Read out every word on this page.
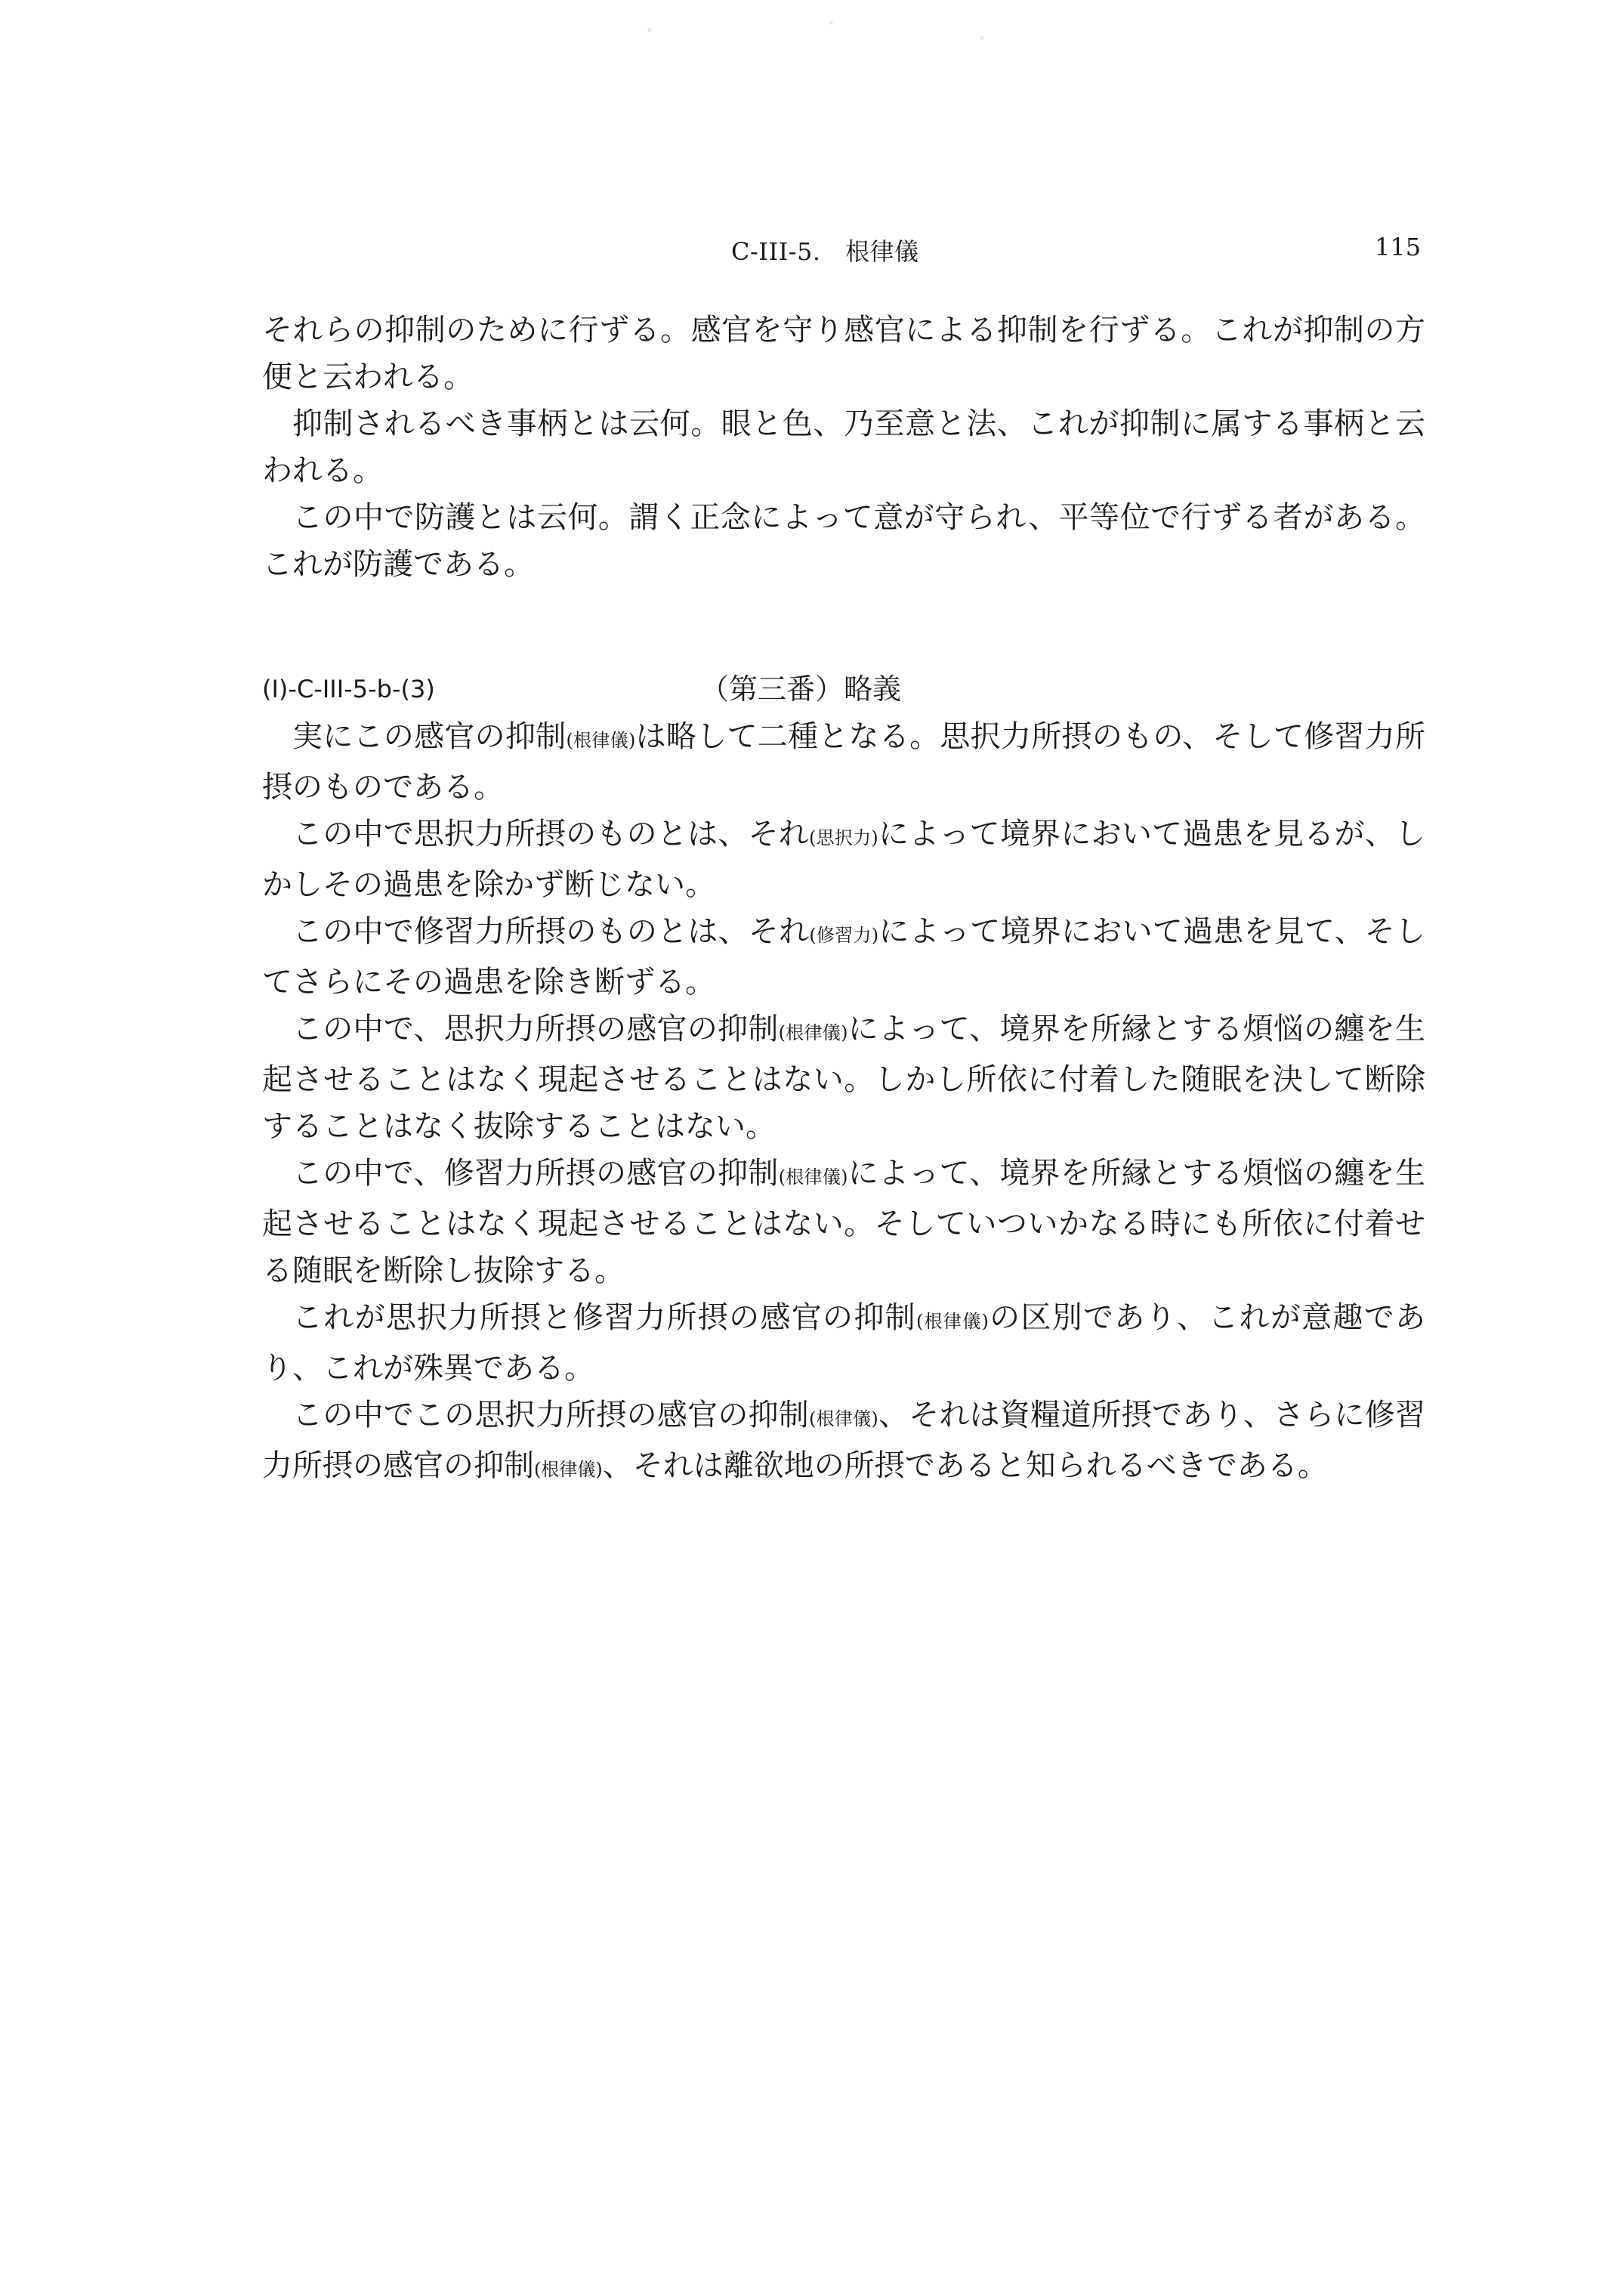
C-III-5.　根律儀	115

それらの抑制のために行ずる。感官を守り感官による抑制を行ずる。これが抑制の方便と云われる。

抑制されるべき事柄とは云何。眼と色、乃至意と法、これが抑制に属する事柄と云われる。

この中で防護とは云何。謂く正念によって意が守られ、平等位で行ずる者がある。これが防護である。

(I)-C-III-5-b-(3)	（第三番）略義

実にこの感官の抑制(根律儀)は略して二種となる。思択力所摂のもの、そして修習力所摂のものである。

この中で思択力所摂のものとは、それ(思択力)によって境界において過患を見るが、しかしその過患を除かず断じない。

この中で修習力所摂のものとは、それ(修習力)によって境界において過患を見て、そしてさらにその過患を除き断ずる。

この中で、思択力所摂の感官の抑制(根律儀)によって、境界を所縁とする煩悩の纏を生起させることはなく現起させることはない。しかし所依に付着した随眠を決して断除することはなく抜除することはない。

この中で、修習力所摂の感官の抑制(根律儀)によって、境界を所縁とする煩悩の纏を生起させることはなく現起させることはない。そしていついかなる時にも所依に付着せる随眠を断除し抜除する。

これが思択力所摂と修習力所摂の感官の抑制(根律儀)の区別であり、これが意趣であり、これが殊異である。

この中でこの思択力所摂の感官の抑制(根律儀)、それは資糧道所摂であり、さらに修習力所摂の感官の抑制(根律儀)、それは離欲地の所摂であると知られるべきである。
